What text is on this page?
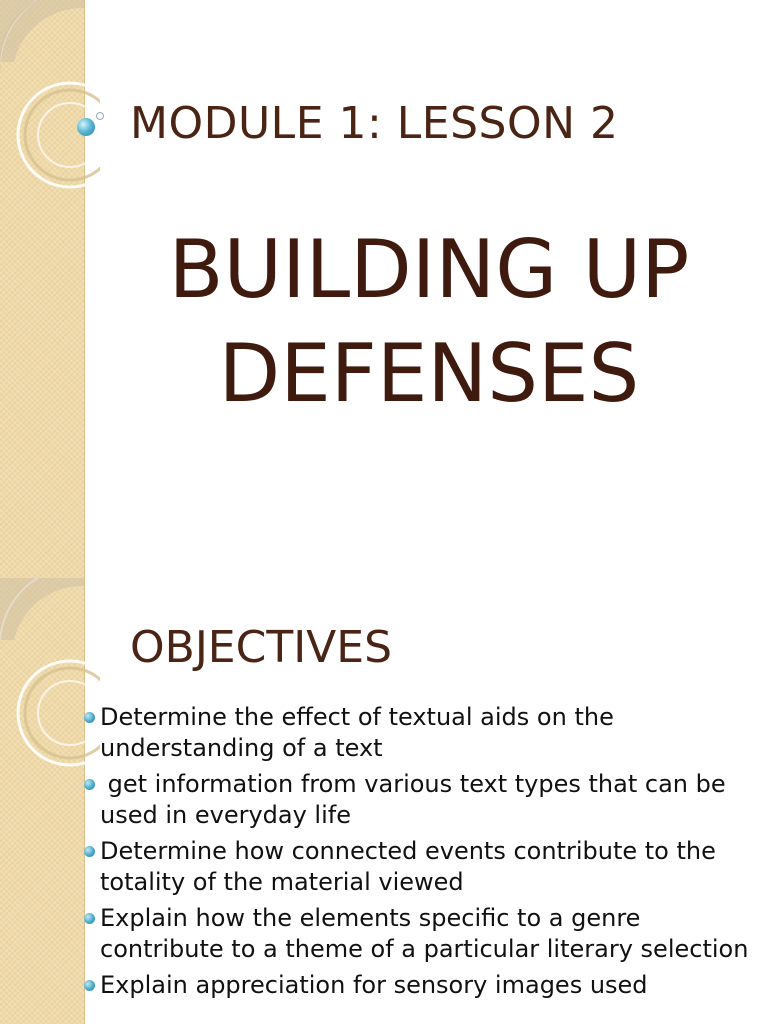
MODULE 1: LESSON 2
BUILDING UP
DEFENSES
OBJECTIVES
Determine the effect of textual aids on the understanding of a text
get information from various text types that can be used in everyday life
Determine how connected events contribute to the totality of the material viewed
Explain how the elements specific to a genre contribute to a theme of a particular literary selection
Explain appreciation for sensory images used
